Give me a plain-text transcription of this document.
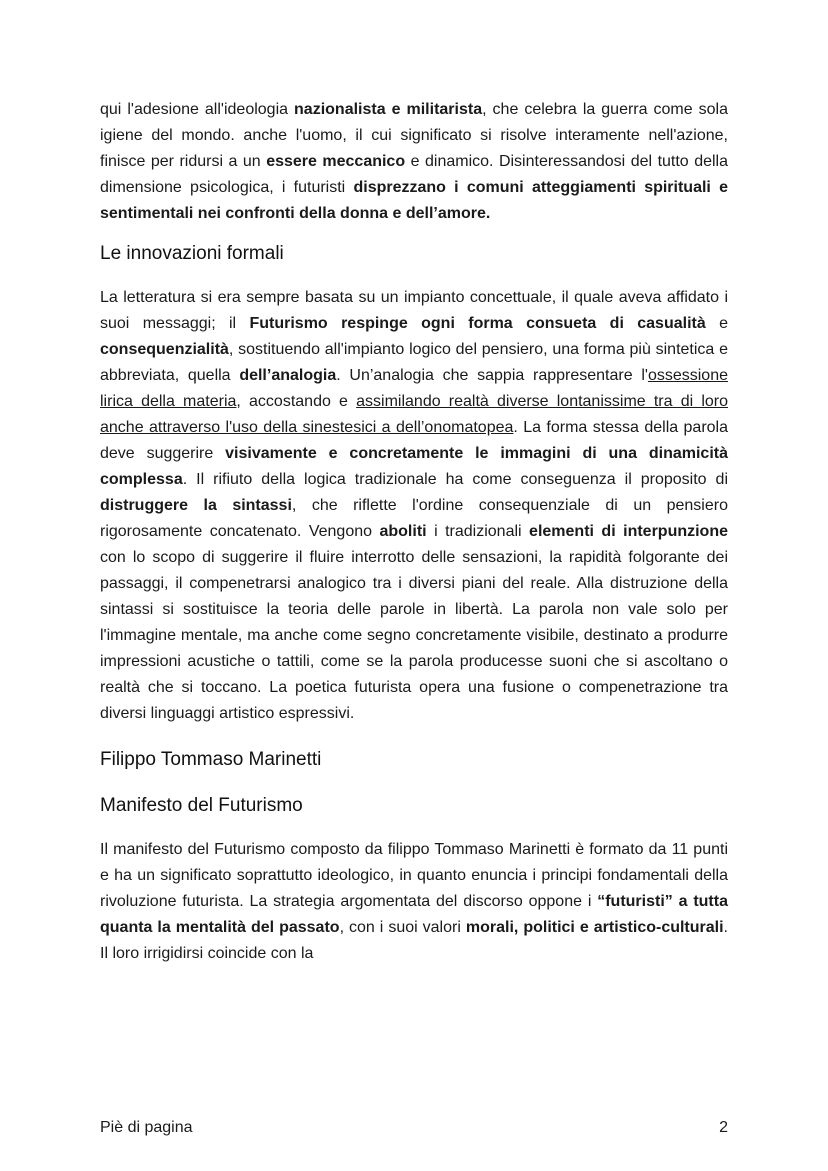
qui l'adesione all'ideologia nazionalista e militarista, che celebra la guerra come sola igiene del mondo. anche l'uomo, il cui significato si risolve interamente nell'azione, finisce per ridursi a un essere meccanico e dinamico. Disinteressandosi del tutto della dimensione psicologica, i futuristi disprezzano i comuni atteggiamenti spirituali e sentimentali nei confronti della donna e dell’amore.

Le innovazioni formali

La letteratura si era sempre basata su un impianto concettuale, il quale aveva affidato i suoi messaggi; il Futurismo respinge ogni forma consueta di casualità e consequenzialità, sostituendo all'impianto logico del pensiero, una forma più sintetica e abbreviata, quella dell’analogia. Un’analogia che sappia rappresentare l'ossessione lirica della materia, accostando e assimilando realtà diverse lontanissime tra di loro anche attraverso l'uso della sinestesici a dell’onomatopea. La forma stessa della parola deve suggerire visivamente e concretamente le immagini di una dinamicità complessa. Il rifiuto della logica tradizionale ha come conseguenza il proposito di distruggere la sintassi, che riflette l'ordine consequenziale di un pensiero rigorosamente concatenato. Vengono aboliti i tradizionali elementi di interpunzione con lo scopo di suggerire il fluire interrotto delle sensazioni, la rapidità folgorante dei passaggi, il compenetrarsi analogico tra i diversi piani del reale. Alla distruzione della sintassi si sostituisce la teoria delle parole in libertà. La parola non vale solo per l'immagine mentale, ma anche come segno concretamente visibile, destinato a produrre impressioni acustiche o tattili, come se la parola producesse suoni che si ascoltano o realtà che si toccano. La poetica futurista opera una fusione o compenetrazione tra diversi linguaggi artistico espressivi.

Filippo Tommaso Marinetti
Manifesto del Futurismo

Il manifesto del Futurismo composto da filippo Tommaso Marinetti è formato da 11 punti e ha un significato soprattutto ideologico, in quanto enuncia i principi fondamentali della rivoluzione futurista. La strategia argomentata del discorso oppone i “futuristi” a tutta quanta la mentalità del passato, con i suoi valori morali, politici e artistico-culturali. Il loro irrigidirsi coincide con la

Piè di pagina	2
